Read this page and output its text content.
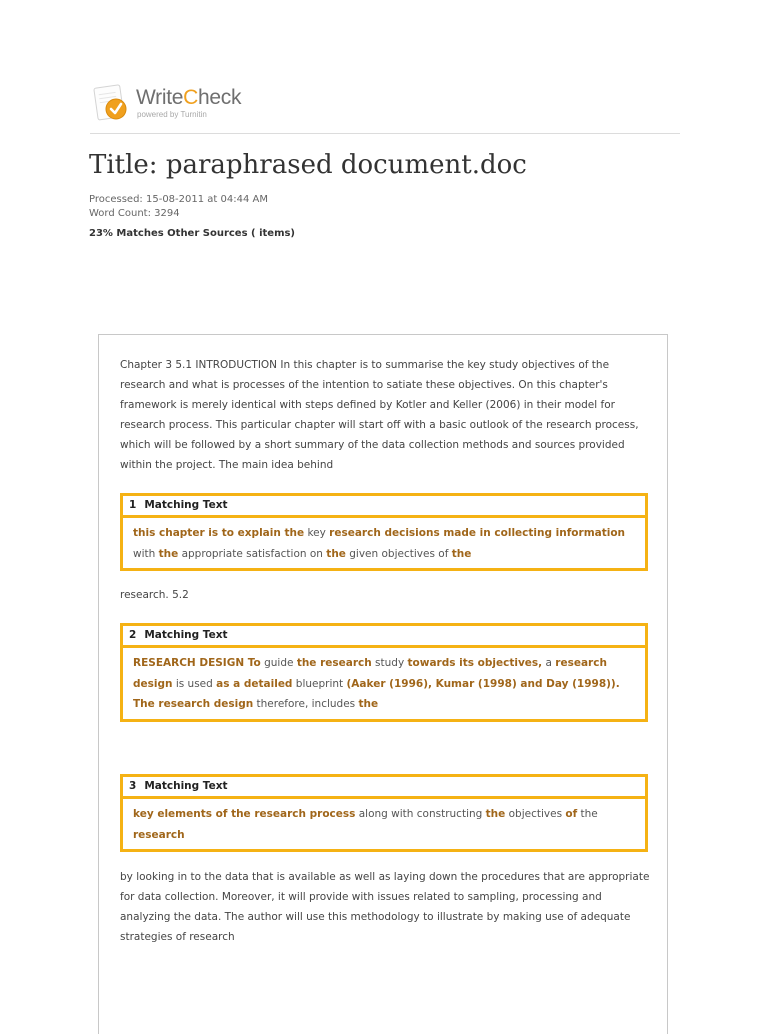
WriteCheck
powered by Turnitin
Title: paraphrased document.doc
Processed: 15-08-2011 at 04:44 AM
Word Count: 3294
23% Matches Other Sources ( items)

Chapter 3 5.1 INTRODUCTION In this chapter is to summarise the key study objectives of the research and what is processes of the intention to satiate these objectives. On this chapter's framework is merely identical with steps defined by Kotler and Keller (2006) in their model for research process. This particular chapter will start off with a basic outlook of the research process, which will be followed by a short summary of the data collection methods and sources provided within the project. The main idea behind

1 Matching Text
this chapter is to explain the key research decisions made in collecting information with the appropriate satisfaction on the given objectives of the

research. 5.2

2 Matching Text
RESEARCH DESIGN To guide the research study towards its objectives, a research design is used as a detailed blueprint (Aaker (1996), Kumar (1998) and Day (1998)). The research design therefore, includes the
3 Matching Text
key elements of the research process along with constructing the objectives of the research

by looking in to the data that is available as well as laying down the procedures that are appropriate for data collection. Moreover, it will provide with issues related to sampling, processing and analyzing the data. The author will use this methodology to illustrate by making use of adequate strategies of research
